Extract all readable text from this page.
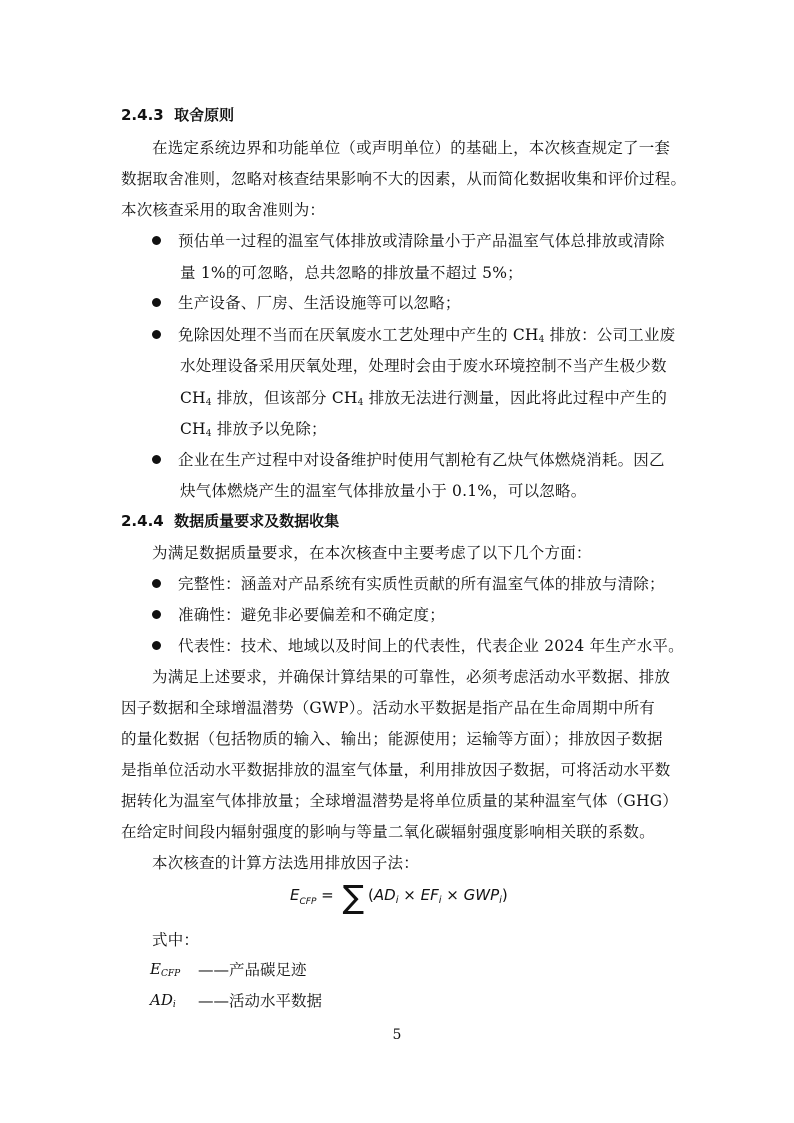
2.4.3 取舍原则
在选定系统边界和功能单位（或声明单位）的基础上，本次核查规定了一套
数据取舍准则，忽略对核查结果影响不大的因素，从而简化数据收集和评价过程。
本次核查采用的取舍准则为：
预估单一过程的温室气体排放或清除量小于产品温室气体总排放或清除
量 1%的可忽略，总共忽略的排放量不超过 5%；
生产设备、厂房、生活设施等可以忽略；
免除因处理不当而在厌氧废水工艺处理中产生的 $CH_4$ 排放：公司工业废
水处理设备采用厌氧处理，处理时会由于废水环境控制不当产生极少数
$CH_4$ 排放，但该部分 $CH_4$ 排放无法进行测量，因此将此过程中产生的
$CH_4$ 排放予以免除；
企业在生产过程中对设备维护时使用气割枪有乙炔气体燃烧消耗。因乙
炔气体燃烧产生的温室气体排放量小于 0.1%，可以忽略。
2.4.4 数据质量要求及数据收集
为满足数据质量要求，在本次核查中主要考虑了以下几个方面：
完整性：涵盖对产品系统有实质性贡献的所有温室气体的排放与清除；
准确性：避免非必要偏差和不确定度；
代表性：技术、地域以及时间上的代表性，代表企业 2024 年生产水平。
为满足上述要求，并确保计算结果的可靠性，必须考虑活动水平数据、排放
因子数据和全球增温潜势（GWP）。活动水平数据是指产品在生命周期中所有
的量化数据（包括物质的输入、输出；能源使用；运输等方面）；排放因子数据
是指单位活动水平数据排放的温室气体量，利用排放因子数据，可将活动水平数
据转化为温室气体排放量；全球增温潜势是将单位质量的某种温室气体（GHG）
在给定时间段内辐射强度的影响与等量二氧化碳辐射强度影响相关联的系数。
本次核查的计算方法选用排放因子法：
$E_{CFP}$ = ∑ $(AD_i \times EF_i \times GWP_i)$
式中：
ECFP ——产品碳足迹
ADi ——活动水平数据
5
